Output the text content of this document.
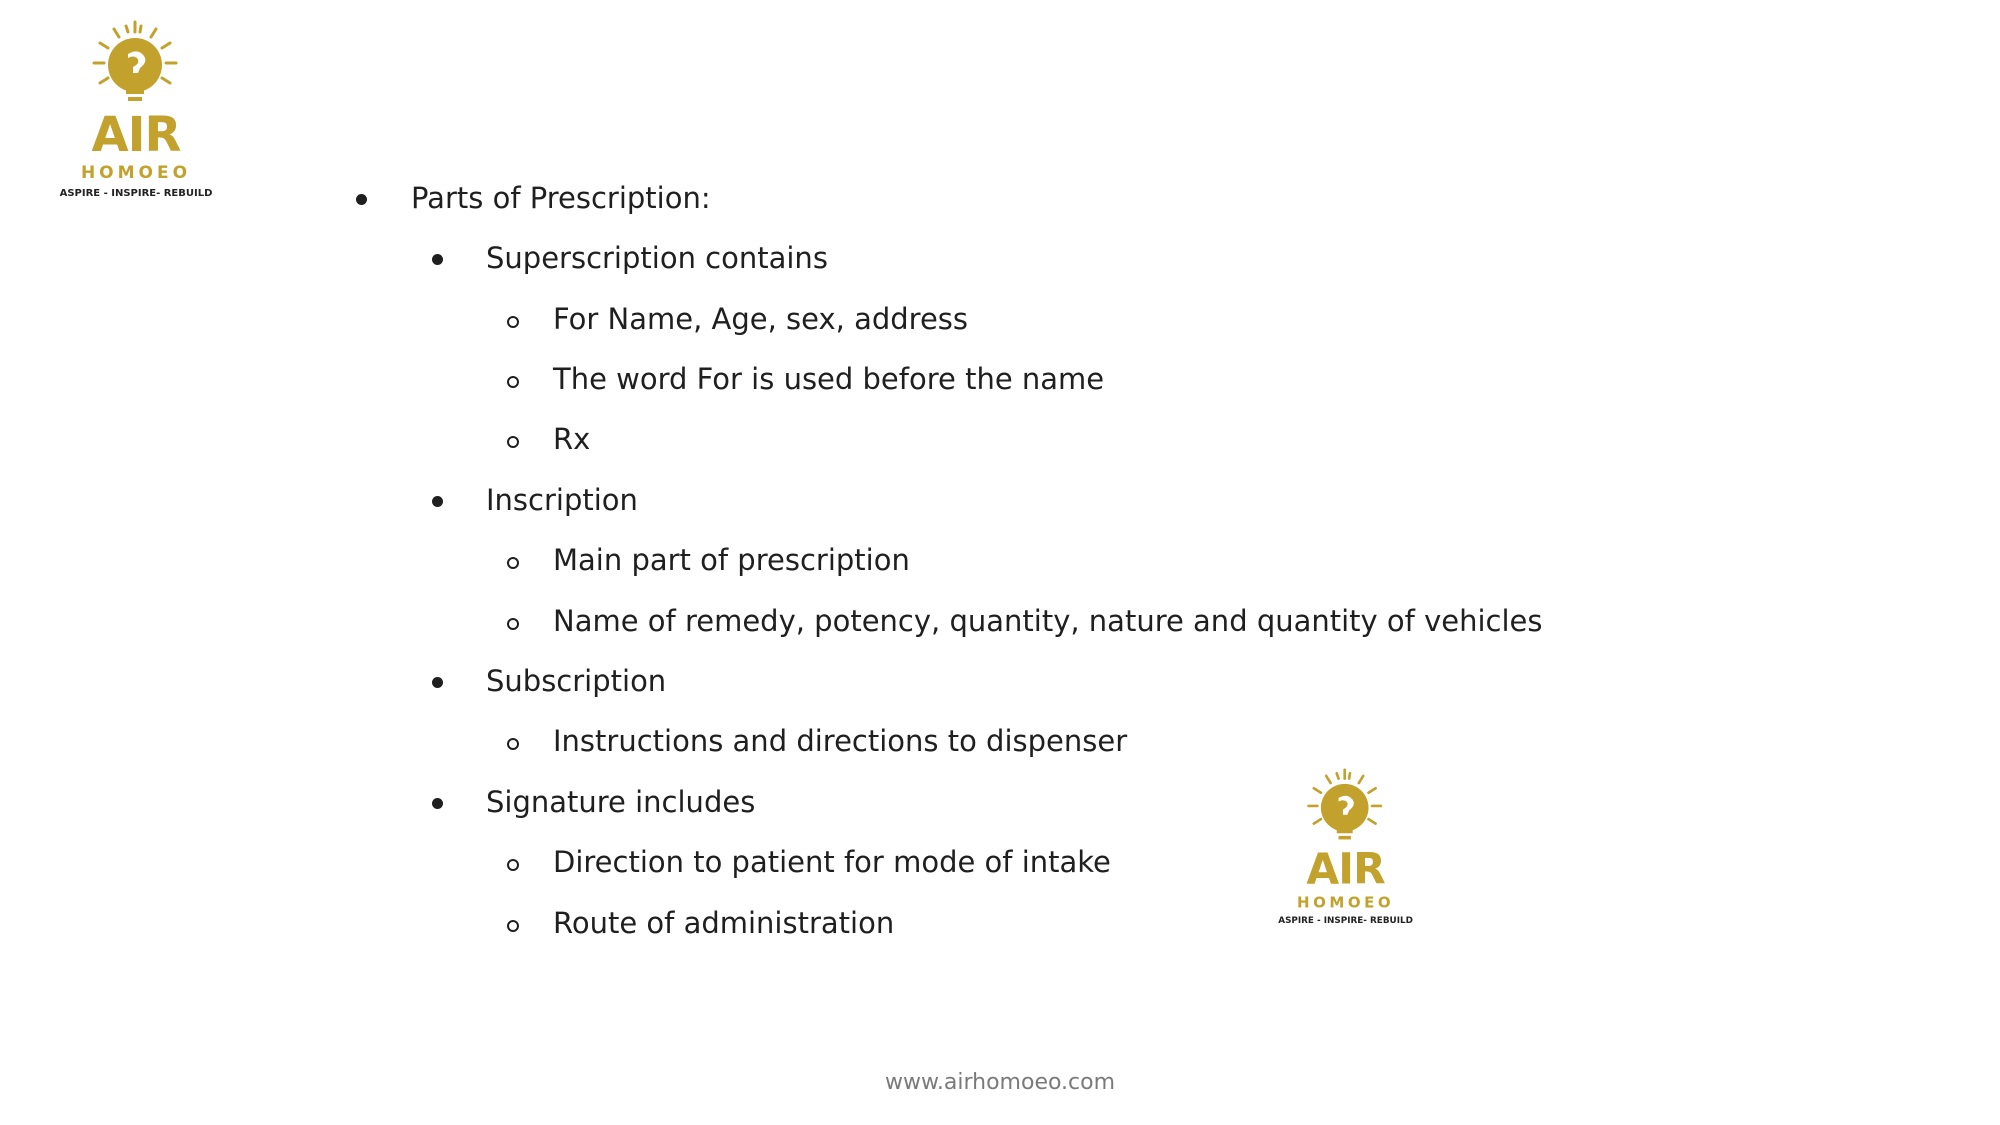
AIR
HOMOEO
ASPIRE - INSPIRE- REBUILD	Parts of Prescription:
Superscription contains
For Name, Age, sex, address
The word For is used before the name
Rx
Inscription
Main part of prescription
Name of remedy, potency, quantity, nature and quantity of vehicles
Subscription
Instructions and directions to dispenser
Signature includes
Direction to patient for mode of intake
Route of administration
AIR
HOMOEO
ASPIRE - INSPIRE- REBUILD
www.airhomoeo.com
